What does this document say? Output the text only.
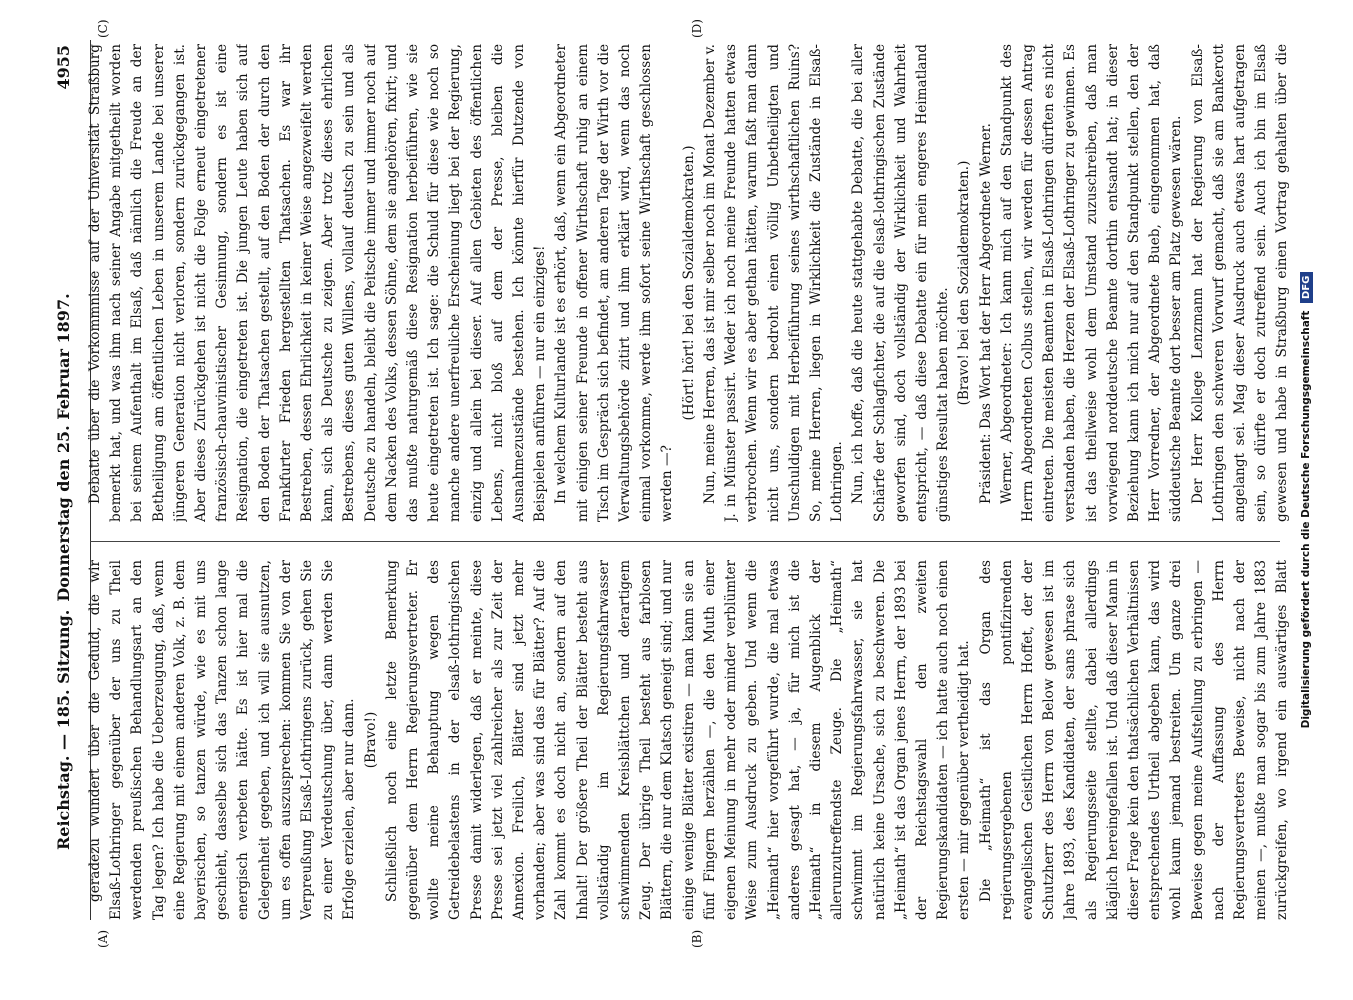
Reichstag. — 185. Sitzung.
Donnerstag den 25. Februar 1897.
4955
(A)	(B)
(C)	(D)

geradezu wundert über die Geduld, die wir Elsaß-Lothringer gegenüber der uns zu Theil werdenden preußischen Behandlungsart an den Tag legen? Ich habe die Ueberzeugung, daß, wenn eine Regierung mit einem anderen Volk, z. B. dem bayerischen, so tanzen würde, wie es mit uns geschieht, dasselbe sich das Tanzen schon lange energisch verbeten hätte. Es ist hier mal die Gelegenheit gegeben, und ich will sie ausnutzen, um es offen auszusprechen: kommen Sie von der Verpreußung Elsaß-Lothringens zurück, gehen Sie zu einer Verdeutschung über, dann werden Sie Erfolge erzielen, aber nur dann. (Bravo!) Schließlich noch eine letzte Bemerkung gegenüber dem Herrn Regierungsvertreter. Er wollte meine Behauptung wegen des Getreidebelastens in der elsaß-lothringischen Presse damit widerlegen, daß er meinte, diese Presse sei jetzt viel zahlreicher als zur Zeit der Annexion. Freilich, Blätter sind jetzt mehr vorhanden; aber was sind das für Blätter? Auf die Zahl kommt es doch nicht an, sondern auf den Inhalt! Der größere Theil der Blätter besteht aus vollständig im Regierungsfahrwasser schwimmenden Kreisblättchen und derartigem Zeug. Der übrige Theil besteht aus farblosen Blättern, die nur dem Klatsch geneigt sind; und nur einige wenige Blätter existiren — man kann sie an fünf Fingern herzählen —, die den Muth einer eigenen Meinung in mehr oder minder verblümter Weise zum Ausdruck zu geben. Und wenn die „Heimath“ hier vorgeführt wurde, die mal etwas anderes gesagt hat, — ja, für mich ist die „Heimath“ in diesem Augenblick der allerunzutreffendste Zeuge. Die „Heimath“ schwimmt im Regierungsfahrwasser, sie hat natürlich keine Ursache, sich zu beschweren. Die „Heimath“ ist das Organ jenes Herrn, der 1893 bei der Reichstagswahl den zweiten Regierungskandidaten — ich hatte auch noch einen ersten — mir gegenüber vertheidigt hat. Die „Heimath“ ist das Organ des regierungsergebenen pontifizirenden evangelischen Geistlichen Herrn Hoffet, der der Schutzherr des Herrn von Below gewesen ist im Jahre 1893, des Kandidaten, der sans phrase sich als Regierungsseite stellte, dabei allerdings kläglich hereingefallen ist. Und daß dieser Mann in dieser Frage kein den thatsächlichen Verhältnissen entsprechendes Urtheil abgeben kann, das wird wohl kaum jemand bestreiten. Um ganze drei Beweise gegen meine Aufstellung zu erbringen — nach der Auffassung des Herrn Regierungsvertreters Beweise, nicht nach der meinen —, mußte man sogar bis zum Jahre 1883 zurückgreifen, wo irgend ein auswärtiges Blatt

Debatte über die Vorkommnisse auf der Universität Straßburg bemerkt hat, und was ihm nach seiner Angabe mitgetheilt worden bei seinem Aufenthalt im Elsaß, daß nämlich die Freude an der Betheiligung am öffentlichen Leben in unserem Lande bei unserer jüngeren Generation nicht verloren, sondern zurückgegangen ist. Aber dieses Zurückgehen ist nicht die Folge erneut eingetretener französisch-chauvinistischer Gesinnung, sondern es ist eine Resignation, die eingetreten ist. Die jungen Leute haben sich auf den Boden der Thatsachen gestellt, auf den Boden der durch den Frankfurter Frieden hergestellten Thatsachen. Es war ihr Bestreben, dessen Ehrlichkeit in keiner Weise angezweifelt werden kann, sich als Deutsche zu zeigen. Aber trotz dieses ehrlichen Bestrebens, dieses guten Willens, vollauf deutsch zu sein und als Deutsche zu handeln, bleibt die Peitsche immer und immer noch auf dem Nacken des Volks, dessen Söhne, dem sie angehören, fixirt; und das mußte naturgemäß diese Resignation herbeiführen, wie sie heute eingetreten ist. Ich sage: die Schuld für diese wie noch so manche andere unerfreuliche Erscheinung liegt bei der Regierung, einzig und allein bei dieser. Auf allen Gebieten des öffentlichen Lebens, nicht bloß auf dem der Presse, bleiben die Ausnahmezustände bestehen. Ich könnte hierfür Dutzende von Beispielen anführen — nur ein einziges! In welchem Kulturlande ist es erhört, daß, wenn ein Abgeordneter mit einigen seiner Freunde in offener Wirthschaft ruhig an einem Tisch im Gespräch sich befindet, am anderen Tage der Wirth vor die Verwaltungsbehörde zitirt und ihm erklärt wird, wenn das noch einmal vorkomme, werde ihm sofort seine Wirthschaft geschlossen werden —?

(Hört! hört! bei den Sozialdemokraten.) Nun, meine Herren, das ist mir selber noch im Monat Dezember v. J. in Münster passirt. Weder ich noch meine Freunde hatten etwas verbrochen. Wenn wir es aber gethan hätten, warum faßt man dann nicht uns, sondern bedroht einen völlig Unbetheiligten und Unschuldigen mit Herbeiführung seines wirthschaftlichen Ruins? So, meine Herren, liegen in Wirklichkeit die Zustände in Elsaß-Lothringen. Nun, ich hoffe, daß die heute stattgehabte Debatte, die bei aller Schärfe der Schlagfichter, die auf die elsaß-lothringischen Zustände geworfen sind, doch vollständig der Wirklichkeit und Wahrheit entspricht, — daß diese Debatte ein für mein engeres Heimatland günstiges Resultat haben möchte. (Bravo! bei den Sozialdemokraten.) Präsident: Das Wort hat der Herr Abgeordnete Werner. Werner, Abgeordneter: Ich kann mich auf den Standpunkt des Herrn Abgeordneten Colbus stellen, wir werden für dessen Antrag eintreten. Die meisten Beamten in Elsaß-Lothringen dürften es nicht verstanden haben, die Herzen der Elsaß-Lothringer zu gewinnen. Es ist das theilweise wohl dem Umstand zuzuschreiben, daß man vorwiegend norddeutsche Beamte dorthin entsandt hat; in dieser Beziehung kann ich mich nur auf den Standpunkt stellen, den der Herr Vorredner, der Abgeordnete Bueb, eingenommen hat, daß süddeutsche Beamte dort besser am Platz gewesen wären. Der Herr Kollege Lenzmann hat der Regierung von Elsaß-Lothringen den schweren Vorwurf gemacht, daß sie am Bankerott angelangt sei. Mag dieser Ausdruck auch etwas hart aufgetragen sein, so dürfte er doch zutreffend sein. Auch ich bin im Elsaß gewesen und habe in Straßburg einen Vortrag gehalten über die

Digitalisierung gefördert durch die Deutsche Forschungsgemeinschaft DFG
